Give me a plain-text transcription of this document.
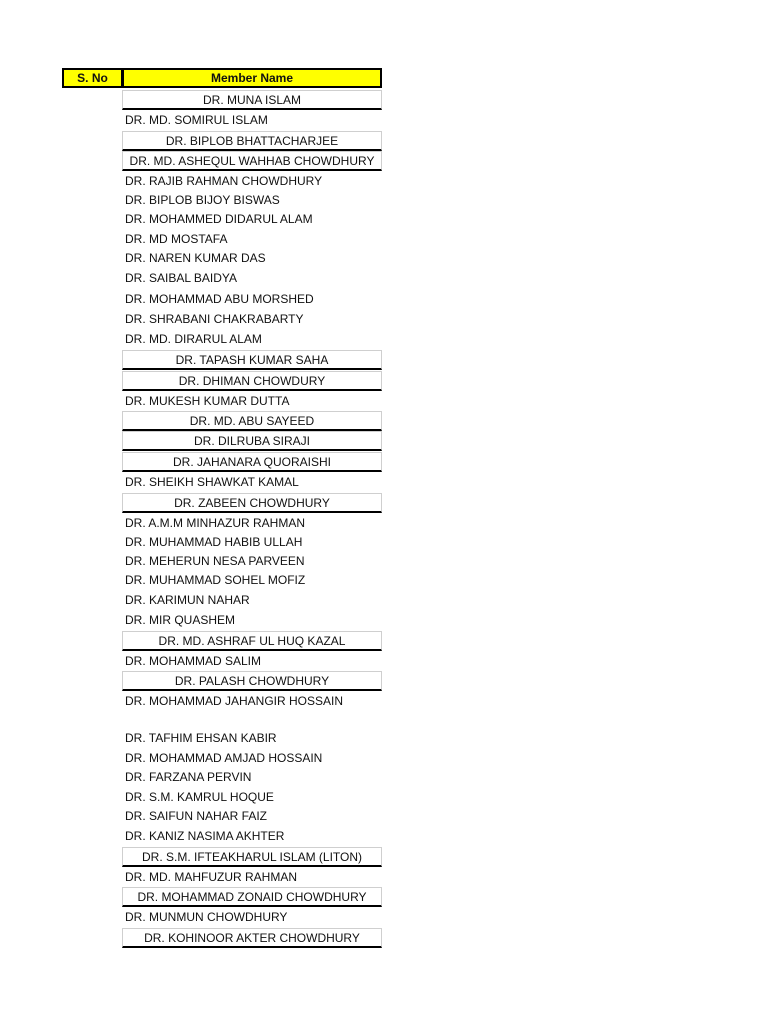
S. No	Member Name
DR. MUNA ISLAM
DR. MD. SOMIRUL ISLAM
DR. BIPLOB BHATTACHARJEE
DR. MD. ASHEQUL WAHHAB CHOWDHURY
DR. RAJIB RAHMAN CHOWDHURY
DR. BIPLOB BIJOY BISWAS
DR. MOHAMMED DIDARUL ALAM
DR. MD MOSTAFA
DR. NAREN KUMAR DAS
DR. SAIBAL BAIDYA
DR. MOHAMMAD ABU MORSHED
DR. SHRABANI CHAKRABARTY
DR. MD. DIRARUL ALAM
DR. TAPASH KUMAR SAHA
DR. DHIMAN CHOWDURY
DR. MUKESH KUMAR DUTTA
DR. MD. ABU SAYEED
DR. DILRUBA SIRAJI
DR. JAHANARA QUORAISHI
DR. SHEIKH SHAWKAT KAMAL
DR. ZABEEN CHOWDHURY
DR. A.M.M MINHAZUR RAHMAN
DR. MUHAMMAD HABIB ULLAH
DR. MEHERUN NESA PARVEEN
DR. MUHAMMAD SOHEL MOFIZ
DR. KARIMUN NAHAR
DR. MIR QUASHEM
DR. MD. ASHRAF UL HUQ KAZAL
DR. MOHAMMAD SALIM
DR. PALASH CHOWDHURY
DR. MOHAMMAD JAHANGIR HOSSAIN
DR. TAFHIM EHSAN KABIR
DR. MOHAMMAD AMJAD HOSSAIN
DR. FARZANA PERVIN
DR. S.M. KAMRUL HOQUE
DR. SAIFUN NAHAR FAIZ
DR. KANIZ NASIMA AKHTER
DR. S.M. IFTEAKHARUL ISLAM (LITON)
DR. MD. MAHFUZUR RAHMAN
DR. MOHAMMAD ZONAID CHOWDHURY
DR. MUNMUN CHOWDHURY
DR. KOHINOOR AKTER CHOWDHURY
